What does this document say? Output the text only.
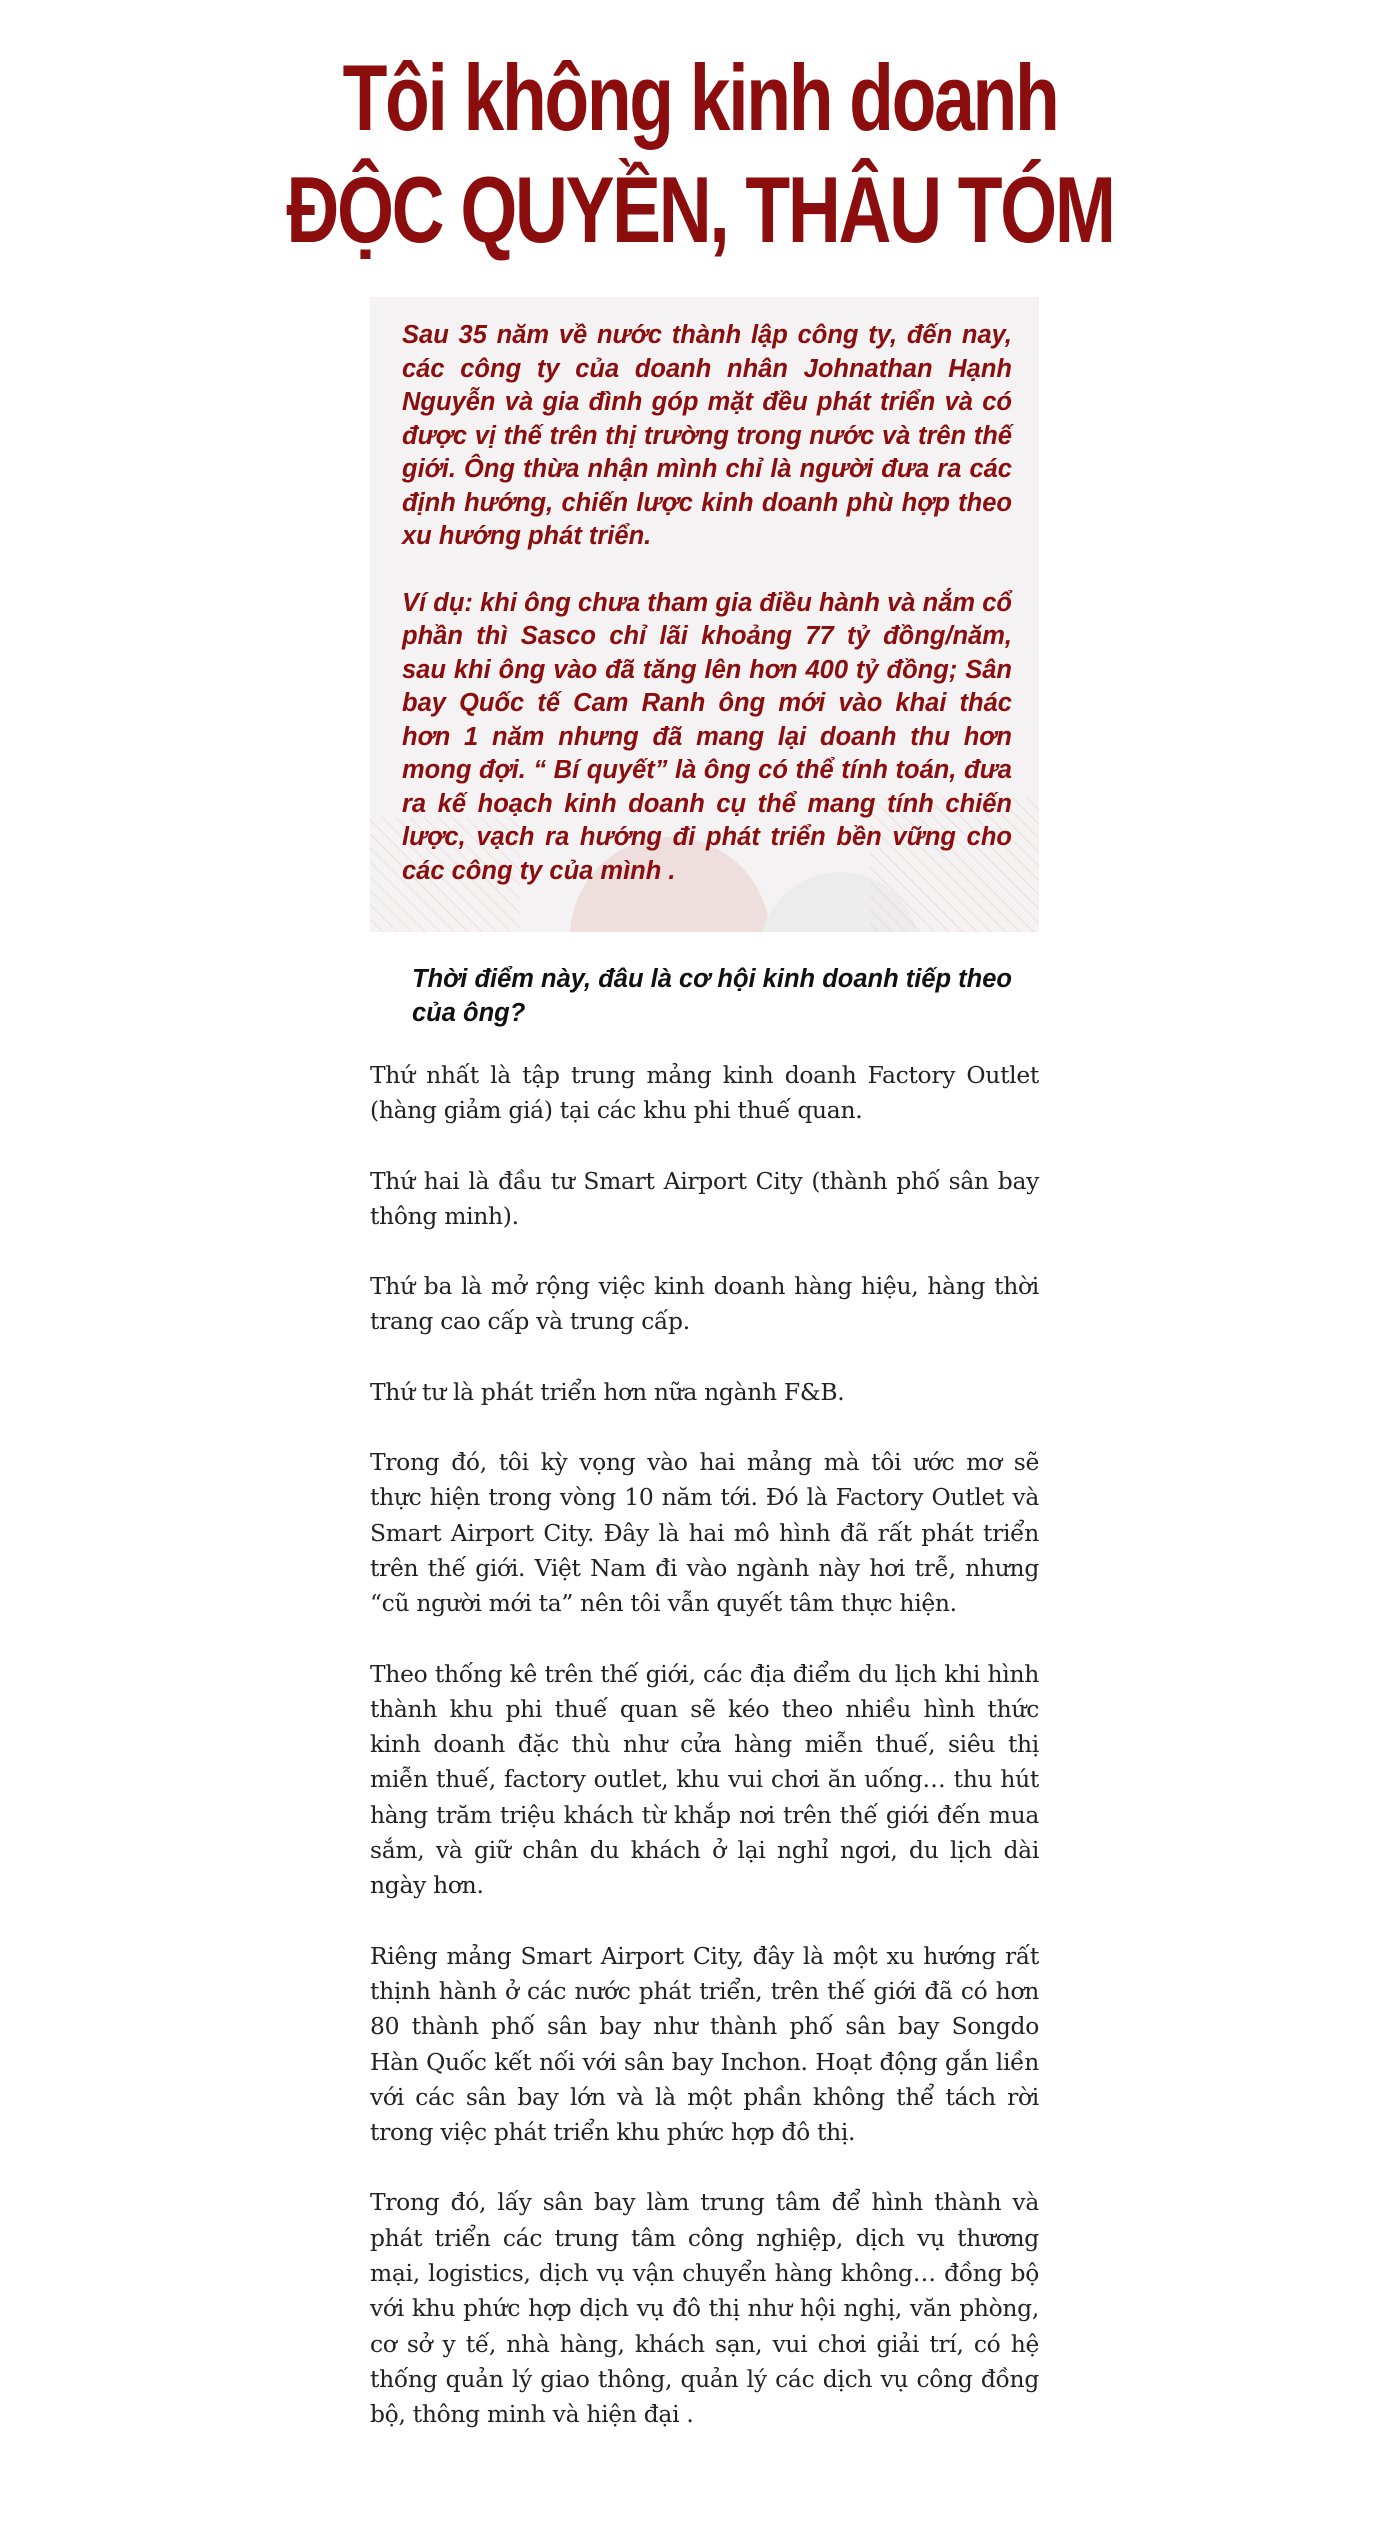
Tôi không kinh doanh
ĐỘC QUYỀN, THÂU TÓM

Sau 35 năm về nước thành lập công ty, đến nay, các công ty của doanh nhân Johnathan Hạnh Nguyễn và gia đình góp mặt đều phát triển và có được vị thế trên thị trường trong nước và trên thế giới. Ông thừa nhận mình chỉ là người đưa ra các định hướng, chiến lược kinh doanh phù hợp theo xu hướng phát triển.

Ví dụ: khi ông chưa tham gia điều hành và nắm cổ phần thì Sasco chỉ lãi khoảng 77 tỷ đồng/năm, sau khi ông vào đã tăng lên hơn 400 tỷ đồng; Sân bay Quốc tế Cam Ranh ông mới vào khai thác hơn 1 năm nhưng đã mang lại doanh thu hơn mong đợi. “ Bí quyết” là ông có thể tính toán, đưa ra kế hoạch kinh doanh cụ thể mang tính chiến lược, vạch ra hướng đi phát triển bền vững cho các công ty của mình .

Thời điểm này, đâu là cơ hội kinh doanh tiếp theo của ông?

Thứ nhất là tập trung mảng kinh doanh Factory Outlet (hàng giảm giá) tại các khu phi thuế quan.

Thứ hai là đầu tư Smart Airport City (thành phố sân bay thông minh).

Thứ ba là mở rộng việc kinh doanh hàng hiệu, hàng thời trang cao cấp và trung cấp.

Thứ tư là phát triển hơn nữa ngành F&B.

Trong đó, tôi kỳ vọng vào hai mảng mà tôi ước mơ sẽ thực hiện trong vòng 10 năm tới. Đó là Factory Outlet và Smart Airport City. Đây là hai mô hình đã rất phát triển trên thế giới. Việt Nam đi vào ngành này hơi trễ, nhưng “cũ người mới ta” nên tôi vẫn quyết tâm thực hiện.

Theo thống kê trên thế giới, các địa điểm du lịch khi hình thành khu phi thuế quan sẽ kéo theo nhiều hình thức kinh doanh đặc thù như cửa hàng miễn thuế, siêu thị miễn thuế, factory outlet, khu vui chơi ăn uống… thu hút hàng trăm triệu khách từ khắp nơi trên thế giới đến mua sắm, và giữ chân du khách ở lại nghỉ ngơi, du lịch dài ngày hơn.

Riêng mảng Smart Airport City, đây là một xu hướng rất thịnh hành ở các nước phát triển, trên thế giới đã có hơn 80 thành phố sân bay như thành phố sân bay Songdo Hàn Quốc kết nối với sân bay Inchon. Hoạt động gắn liền với các sân bay lớn và là một phần không thể tách rời trong việc phát triển khu phức hợp đô thị.

Trong đó, lấy sân bay làm trung tâm để hình thành và phát triển các trung tâm công nghiệp, dịch vụ thương mại, logistics, dịch vụ vận chuyển hàng không… đồng bộ với khu phức hợp dịch vụ đô thị như hội nghị, văn phòng, cơ sở y tế, nhà hàng, khách sạn, vui chơi giải trí, có hệ thống quản lý giao thông, quản lý các dịch vụ công đồng bộ, thông minh và hiện đại .
